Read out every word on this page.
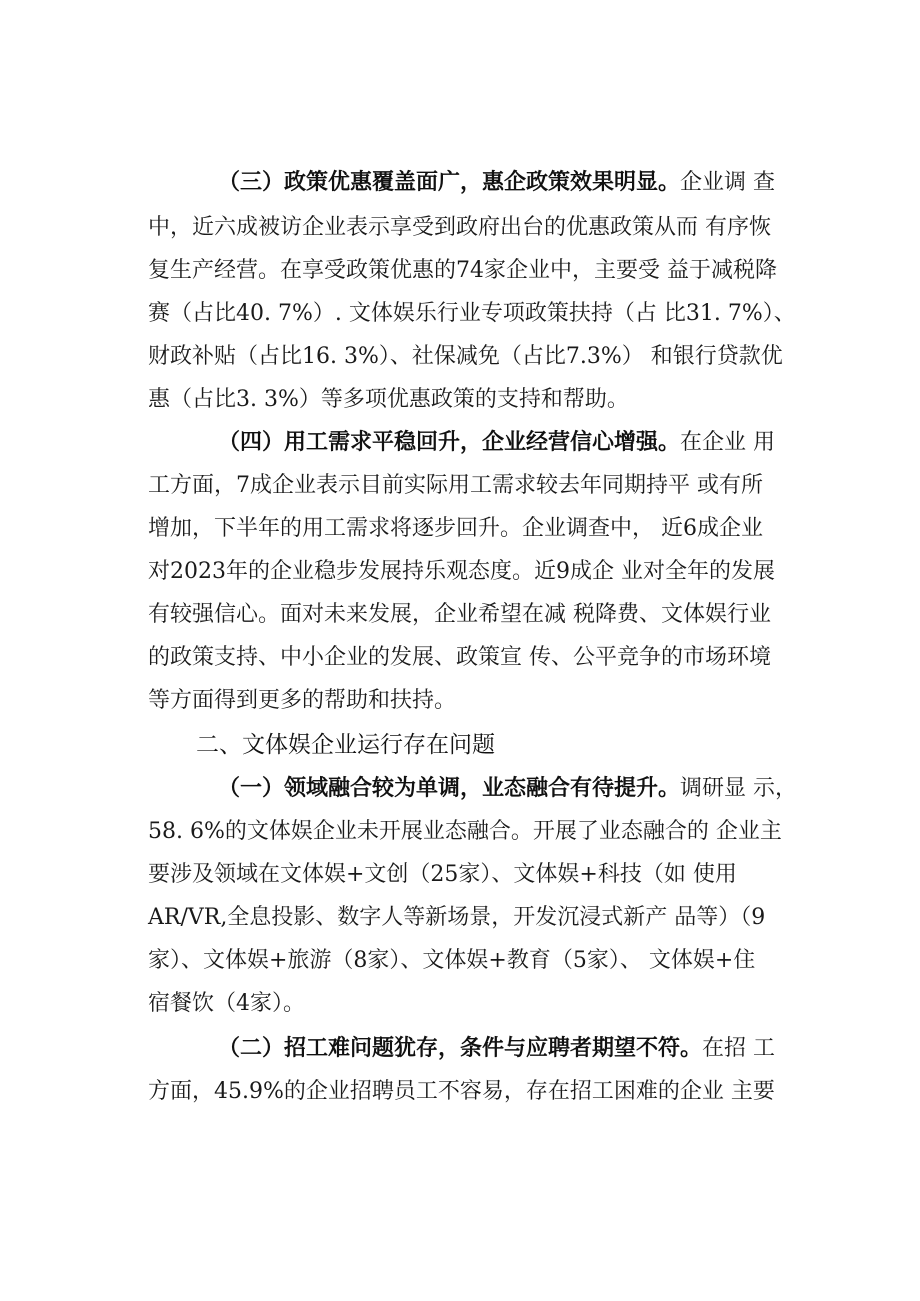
（三）政策优惠覆盖面广，惠企政策效果明显。企业调 查
中，近六成被访企业表示享受到政府出台的优惠政策从而 有序恢
复生产经营。在享受政策优惠的74家企业中，主要受 益于减税降
赛（占比40. 7%）. 文体娱乐行业专项政策扶持（占 比31. 7%）、
财政补贴（占比16. 3%）、社保减免（占比7.3%） 和银行贷款优
惠（占比3. 3%）等多项优惠政策的支持和帮助。
（四）用工需求平稳回升，企业经营信心增强。在企业 用
工方面，7成企业表示目前实际用工需求较去年同期持平 或有所
增加，下半年的用工需求将逐步回升。企业调查中， 近6成企业
对2023年的企业稳步发展持乐观态度。近9成企 业对全年的发展
有较强信心。面对未来发展，企业希望在减 税降费、文体娱行业
的政策支持、中小企业的发展、政策宣 传、公平竞争的市场环境
等方面得到更多的帮助和扶持。
二、文体娱企业运行存在问题
（一）领域融合较为单调，业态融合有待提升。调研显 示，
58. 6%的文体娱企业未开展业态融合。开展了业态融合的 企业主
要涉及领域在文体娱+文创（25家）、文体娱+科技（如 使用
AR/VR,全息投影、数字人等新场景，开发沉浸式新产 品等）（9
家）、文体娱+旅游（8家）、文体娱+教育（5家）、 文体娱+住
宿餐饮（4家）。
（二）招工难问题犹存，条件与应聘者期望不符。在招 工
方面，45.9%的企业招聘员工不容易，存在招工困难的企业 主要
